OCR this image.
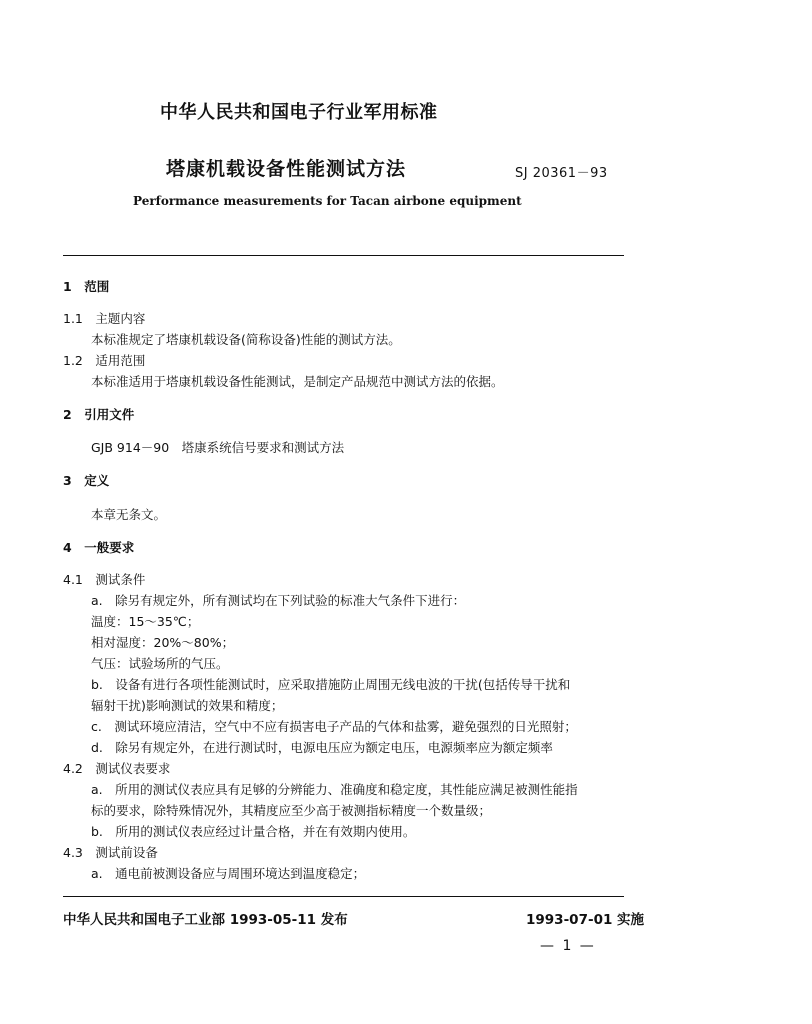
中华人民共和国电子行业军用标准
塔康机载设备性能测试方法	SJ 20361－93
Performance measurements for Tacan airbone equipment
1　范围
1.1　主题内容
本标准规定了塔康机载设备(简称设备)性能的测试方法。
1.2　适用范围
本标准适用于塔康机载设备性能测试，是制定产品规范中测试方法的依据。
2　引用文件
GJB 914－90　塔康系统信号要求和测试方法
3　定义
本章无条文。
4　一般要求
4.1　测试条件
a.　除另有规定外，所有测试均在下列试验的标准大气条件下进行：
温度：15～35℃；
相对湿度：20%～80%；
气压：试验场所的气压。
b.　设备有进行各项性能测试时，应采取措施防止周围无线电波的干扰(包括传导干扰和
辐射干扰)影响测试的效果和精度；
c.　测试环境应清洁，空气中不应有损害电子产品的气体和盐雾，避免强烈的日光照射；
d.　除另有规定外，在进行测试时，电源电压应为额定电压，电源频率应为额定频率
4.2　测试仪表要求
a.　所用的测试仪表应具有足够的分辨能力、准确度和稳定度，其性能应满足被测性能指
标的要求，除特殊情况外，其精度应至少高于被测指标精度一个数量级；
b.　所用的测试仪表应经过计量合格，并在有效期内使用。
4.3　测试前设备
a.　通电前被测设备应与周围环境达到温度稳定；
中华人民共和国电子工业部 1993-05-11 发布	1993-07-01 实施
— 1 —
